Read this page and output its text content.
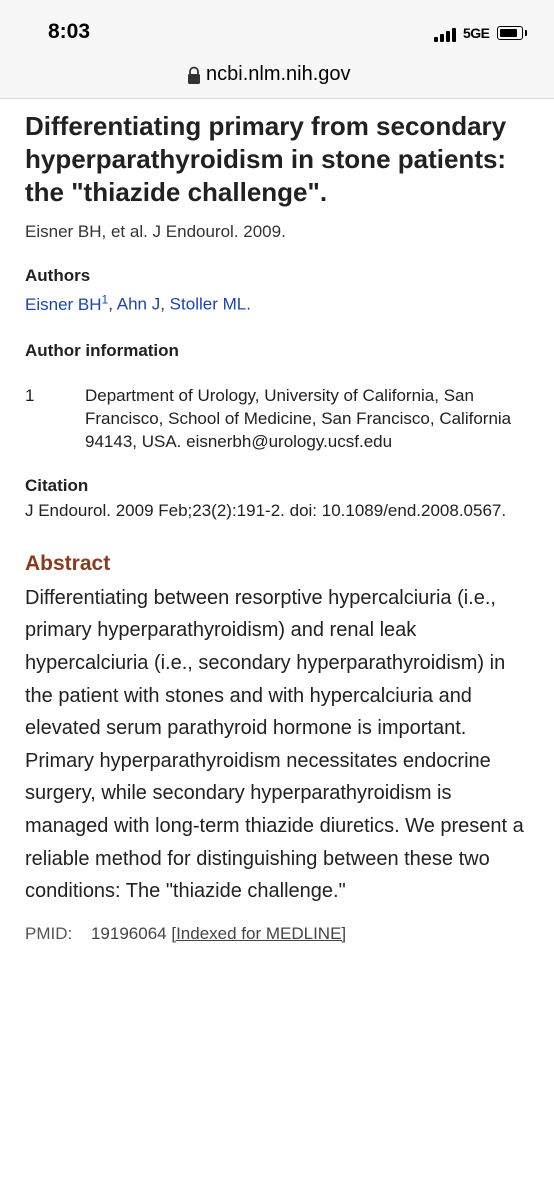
8:03	5GE
ncbi.nlm.nih.gov
Differentiating primary from secondary hyperparathyroidism in stone patients: the "thiazide challenge".
Eisner BH, et al. J Endourol. 2009.
Authors
Eisner $BH^1$, Ahn J, Stoller ML.
Author information
1	Department of Urology, University of California, San Francisco, School of Medicine, San Francisco, California 94143, USA. eisnerbh@urology.ucsf.edu
Citation
J Endourol. 2009 Feb;23(2):191-2. doi: 10.1089/end.2008.0567.
Abstract
Differentiating between resorptive hypercalciuria (i.e., primary hyperparathyroidism) and renal leak hypercalciuria (i.e., secondary hyperparathyroidism) in the patient with stones and with hypercalciuria and elevated serum parathyroid hormone is important. Primary hyperparathyroidism necessitates endocrine surgery, while secondary hyperparathyroidism is managed with long-term thiazide diuretics. We present a reliable method for distinguishing between these two conditions: The "thiazide challenge."
PMID: 19196064 [Indexed for MEDLINE]
